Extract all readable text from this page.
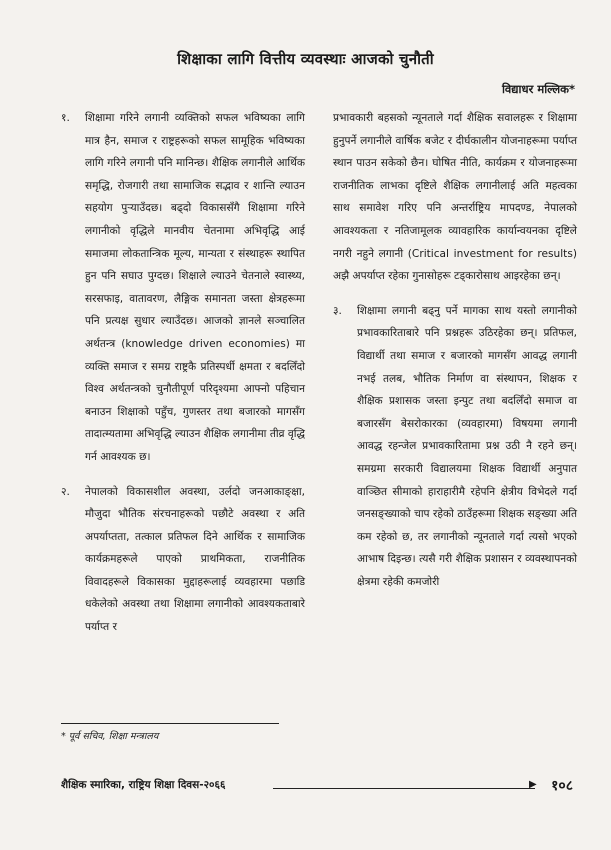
शिक्षाका लागि वित्तीय व्यवस्थाः आजको चुनौती
विद्याधर मल्लिक*

१. शिक्षामा गरिने लगानी व्यक्तिको सफल भविष्यका लागि मात्र हैन, समाज र राष्ट्रहरूको सफल सामूहिक भविष्यका लागि गरिने लगानी पनि मानिन्छ। शैक्षिक लगानीले आर्थिक समृद्धि, रोजगारी तथा सामाजिक सद्भाव र शान्ति ल्याउन सहयोग पुऱ्याउँदछ। बढ्दो विकाससँगै शिक्षामा गरिने लगानीको वृद्धिले मानवीय चेतनामा अभिवृद्धि आई समाजमा लोकतान्त्रिक मूल्य, मान्यता र संस्थाहरू स्थापित हुन पनि सघाउ पुग्दछ। शिक्षाले ल्याउने चेतनाले स्वास्थ्य, सरसफाइ, वातावरण, लैङ्गिक समानता जस्ता क्षेत्रहरूमा पनि प्रत्यक्ष सुधार ल्याउँदछ। आजको ज्ञानले सञ्चालित अर्थतन्त्र (knowledge driven economies) मा व्यक्ति समाज र समग्र राष्ट्रकै प्रतिस्पर्धी क्षमता र बदलिँदो विश्व अर्थतन्त्रको चुनौतीपूर्ण परिदृश्यमा आफ्नो पहिचान बनाउन शिक्षाको पहुँच, गुणस्तर तथा बजारको मागसँग तादात्म्यतामा अभिवृद्धि ल्याउन शैक्षिक लगानीमा तीव्र वृद्धि गर्न आवश्यक छ।

२. नेपालको विकासशील अवस्था, उर्लदो जनआकाङ्क्षा, मौजुदा भौतिक संरचनाहरूको पछौटे अवस्था र अति अपर्याप्तता, तत्काल प्रतिफल दिने आर्थिक र सामाजिक कार्यक्रमहरूले पाएको प्राथमिकता, राजनीतिक विवादहरूले विकासका मुद्दाहरूलाई व्यवहारमा पछाडि धकेलेको अवस्था तथा शिक्षामा लगानीको आवश्यकताबारे पर्याप्त र

प्रभावकारी बहसको न्यूनताले गर्दा शैक्षिक सवालहरू र शिक्षामा हुनुपर्ने लगानीले वार्षिक बजेट र दीर्घकालीन योजनाहरूमा पर्याप्त स्थान पाउन सकेको छैन। घोषित नीति, कार्यक्रम र योजनाहरूमा राजनीतिक लाभका दृष्टिले शैक्षिक लगानीलाई अति महत्वका साथ समावेश गरिए पनि अन्तर्राष्ट्रिय मापदण्ड, नेपालको आवश्यकता र नतिजामूलक व्यावहारिक कार्यान्वयनका दृष्टिले नगरी नहुने लगानी (Critical investment for results) अझै अपर्याप्त रहेका गुनासोहरू टड्कारोसाथ आइरहेका छन्।

३. शिक्षामा लगानी बढ्नु पर्ने मागका साथ यस्तो लगानीको प्रभावकारिताबारे पनि प्रश्नहरू उठिरहेका छन्। प्रतिफल, विद्यार्थी तथा समाज र बजारको मागसँग आवद्ध लगानी नभई तलब, भौतिक निर्माण वा संस्थापन, शिक्षक र शैक्षिक प्रशासक जस्ता इन्पुट तथा बदलिँदो समाज वा बजारसँग बेसरोकारका (व्यवहारमा) विषयमा लगानी आवद्ध रहन्जेल प्रभावकारितामा प्रश्न उठी नै रहने छन्। समग्रमा सरकारी विद्यालयमा शिक्षक विद्यार्थी अनुपात वाञ्छित सीमाको हाराहारीमै रहेपनि क्षेत्रीय विभेदले गर्दा जनसङ्ख्याको चाप रहेको ठाउँहरूमा शिक्षक सङ्ख्या अति कम रहेको छ, तर लगानीको न्यूनताले गर्दा त्यसो भएको आभाष दिइन्छ। त्यसै गरी शैक्षिक प्रशासन र व्यवस्थापनको क्षेत्रमा रहेकी कमजोरी

* पूर्व सचिव, शिक्षा मन्त्रालय
शैक्षिक स्मारिका, राष्ट्रिय शिक्षा दिवस-२०६६	▶ १०८
